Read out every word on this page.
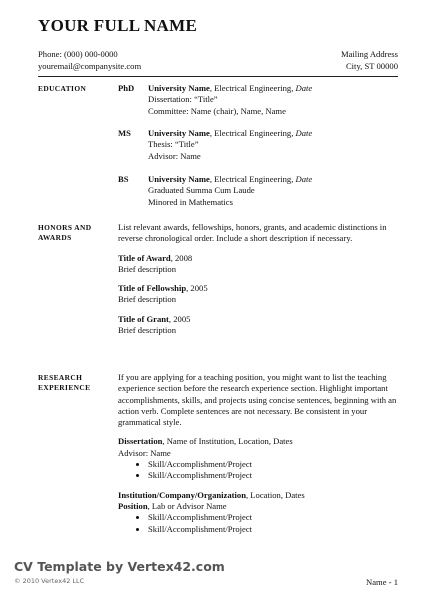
YOUR FULL NAME
Phone: (000) 000-0000
youremail@companysite.com
Mailing Address
City, ST 00000
EDUCATION	PhD University Name, Electrical Engineering, Date
Dissertation: “Title”
Committee: Name (chair), Name, Name
MS University Name, Electrical Engineering, Date
Thesis: “Title”
Advisor: Name
BS University Name, Electrical Engineering, Date
Graduated Summa Cum Laude
Minored in Mathematics
HONORS AND
AWARDS
List relevant awards, fellowships, honors, grants, and academic distinctions in reverse chronological order. Include a short description if necessary.
Title of Award, 2008
Brief description
Title of Fellowship, 2005
Brief description
Title of Grant, 2005
Brief description
RESEARCH
EXPERIENCE
If you are applying for a teaching position, you might want to list the teaching experience section before the research experience section. Highlight important accomplishments, skills, and projects using concise sentences, beginning with an action verb. Complete sentences are not necessary. Be consistent in your grammatical style.
Dissertation, Name of Institution, Location, Dates
Advisor: Name
• Skill/Accomplishment/Project
• Skill/Accomplishment/Project
Institution/Company/Organization, Location, Dates
Position, Lab or Advisor Name
• Skill/Accomplishment/Project
• Skill/Accomplishment/Project
CV Template by Vertex42.com
© 2010 Vertex42 LLC	Name - 1
